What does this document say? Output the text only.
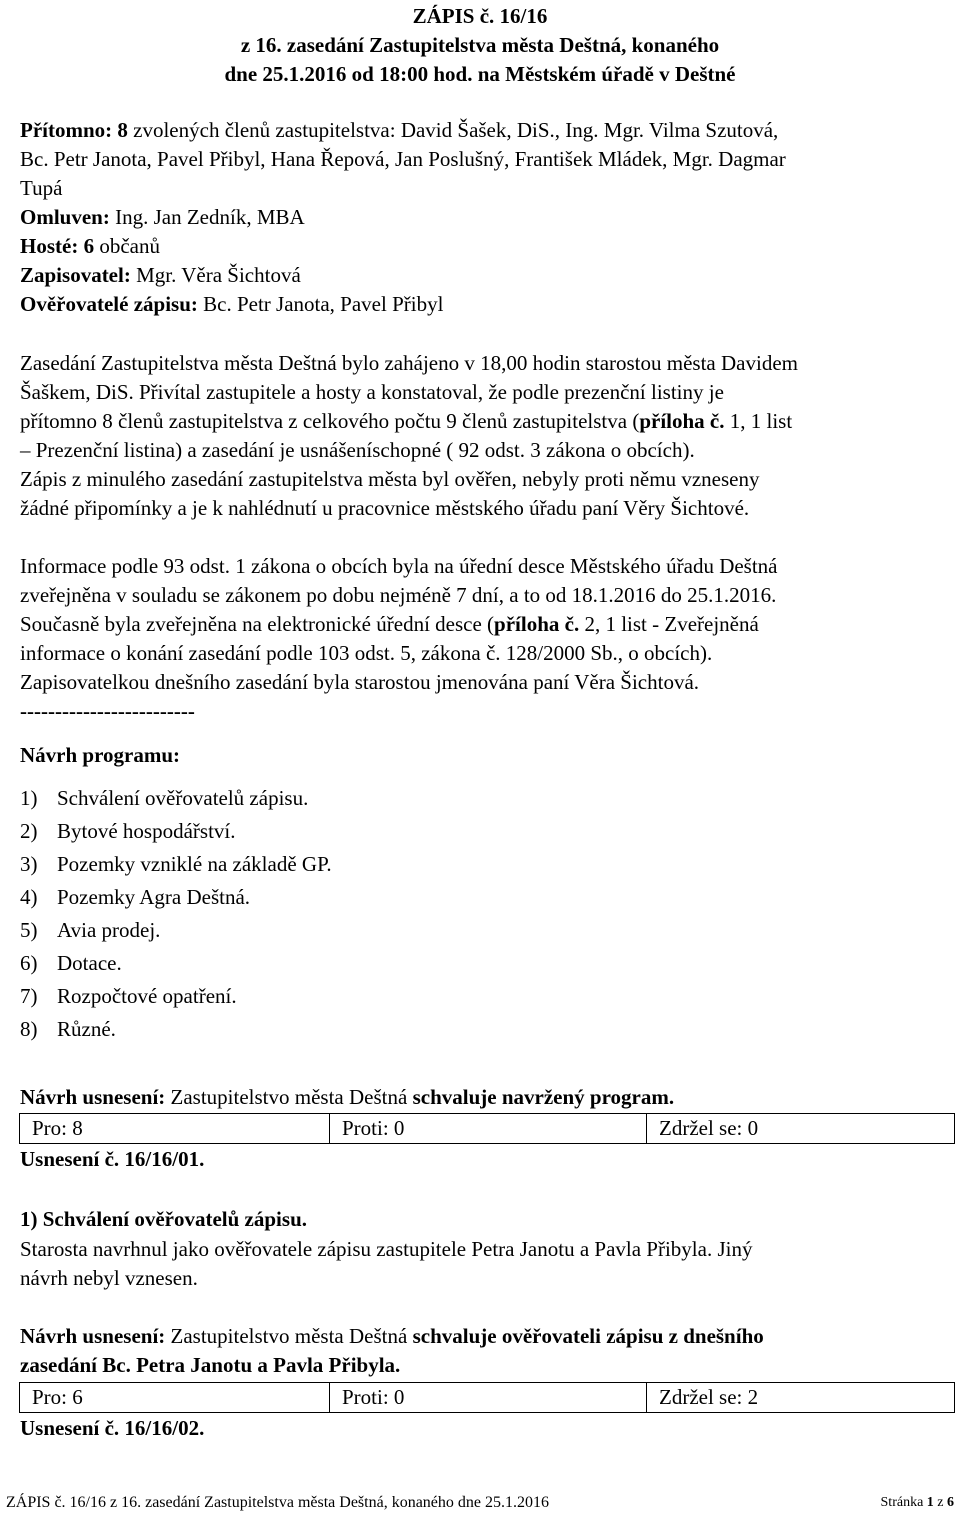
ZÁPIS č. 16/16
z 16. zasedání Zastupitelstva města Deštná, konaného
dne 25.1.2016 od 18:00 hod. na Městském úřadě v Deštné
Přítomno: 8 zvolených členů zastupitelstva: David Šašek, DiS., Ing. Mgr. Vilma Szutová,
Bc. Petr Janota, Pavel Přibyl, Hana Řepová, Jan Poslušný, František Mládek, Mgr. Dagmar
Tupá
Omluven: Ing. Jan Zedník, MBA
Hosté: 6 občanů
Zapisovatel: Mgr. Věra Šichtová
Ověřovatelé zápisu: Bc. Petr Janota, Pavel Přibyl
Zasedání Zastupitelstva města Deštná bylo zahájeno v 18,00 hodin starostou města Davidem
Šaškem, DiS. Přivítal zastupitele a hosty a konstatoval, že podle prezenční listiny je
přítomno 8 členů zastupitelstva z celkového počtu 9 členů zastupitelstva (příloha č. 1, 1 list
– Prezenční listina) a zasedání je usnášeníschopné ( 92 odst. 3 zákona o obcích).
Zápis z minulého zasedání zastupitelstva města byl ověřen, nebyly proti němu vzneseny
žádné připomínky a je k nahlédnutí u pracovnice městského úřadu paní Věry Šichtové.
Informace podle 93 odst. 1 zákona o obcích byla na úřední desce Městského úřadu Deštná
zveřejněna v souladu se zákonem po dobu nejméně 7 dní, a to od 18.1.2016 do 25.1.2016.
Současně byla zveřejněna na elektronické úřední desce (příloha č. 2, 1 list - Zveřejněná
informace o konání zasedání podle 103 odst. 5, zákona č. 128/2000 Sb., o obcích).
Zapisovatelkou dnešního zasedání byla starostou jmenována paní Věra Šichtová.
-------------------------
Návrh programu:
1) Schválení ověřovatelů zápisu.
2) Bytové hospodářství.
3) Pozemky vzniklé na základě GP.
4) Pozemky Agra Deštná.
5) Avia prodej.
6) Dotace.
7) Rozpočtové opatření.
8) Různé.
Návrh usnesení: Zastupitelstvo města Deštná schvaluje navržený program.
Pro: 8	Proti: 0	Zdržel se: 0
Usnesení č. 16/16/01.
1) Schválení ověřovatelů zápisu.
Starosta navrhnul jako ověřovatele zápisu zastupitele Petra Janotu a Pavla Přibyla. Jiný
návrh nebyl vznesen.
Návrh usnesení: Zastupitelstvo města Deštná schvaluje ověřovateli zápisu z dnešního
zasedání Bc. Petra Janotu a Pavla Přibyla.
Pro: 6	Proti: 0	Zdržel se: 2
Usnesení č. 16/16/02.
ZÁPIS č. 16/16 z 16. zasedání Zastupitelstva města Deštná, konaného dne 25.1.2016	Stránka 1 z 6
